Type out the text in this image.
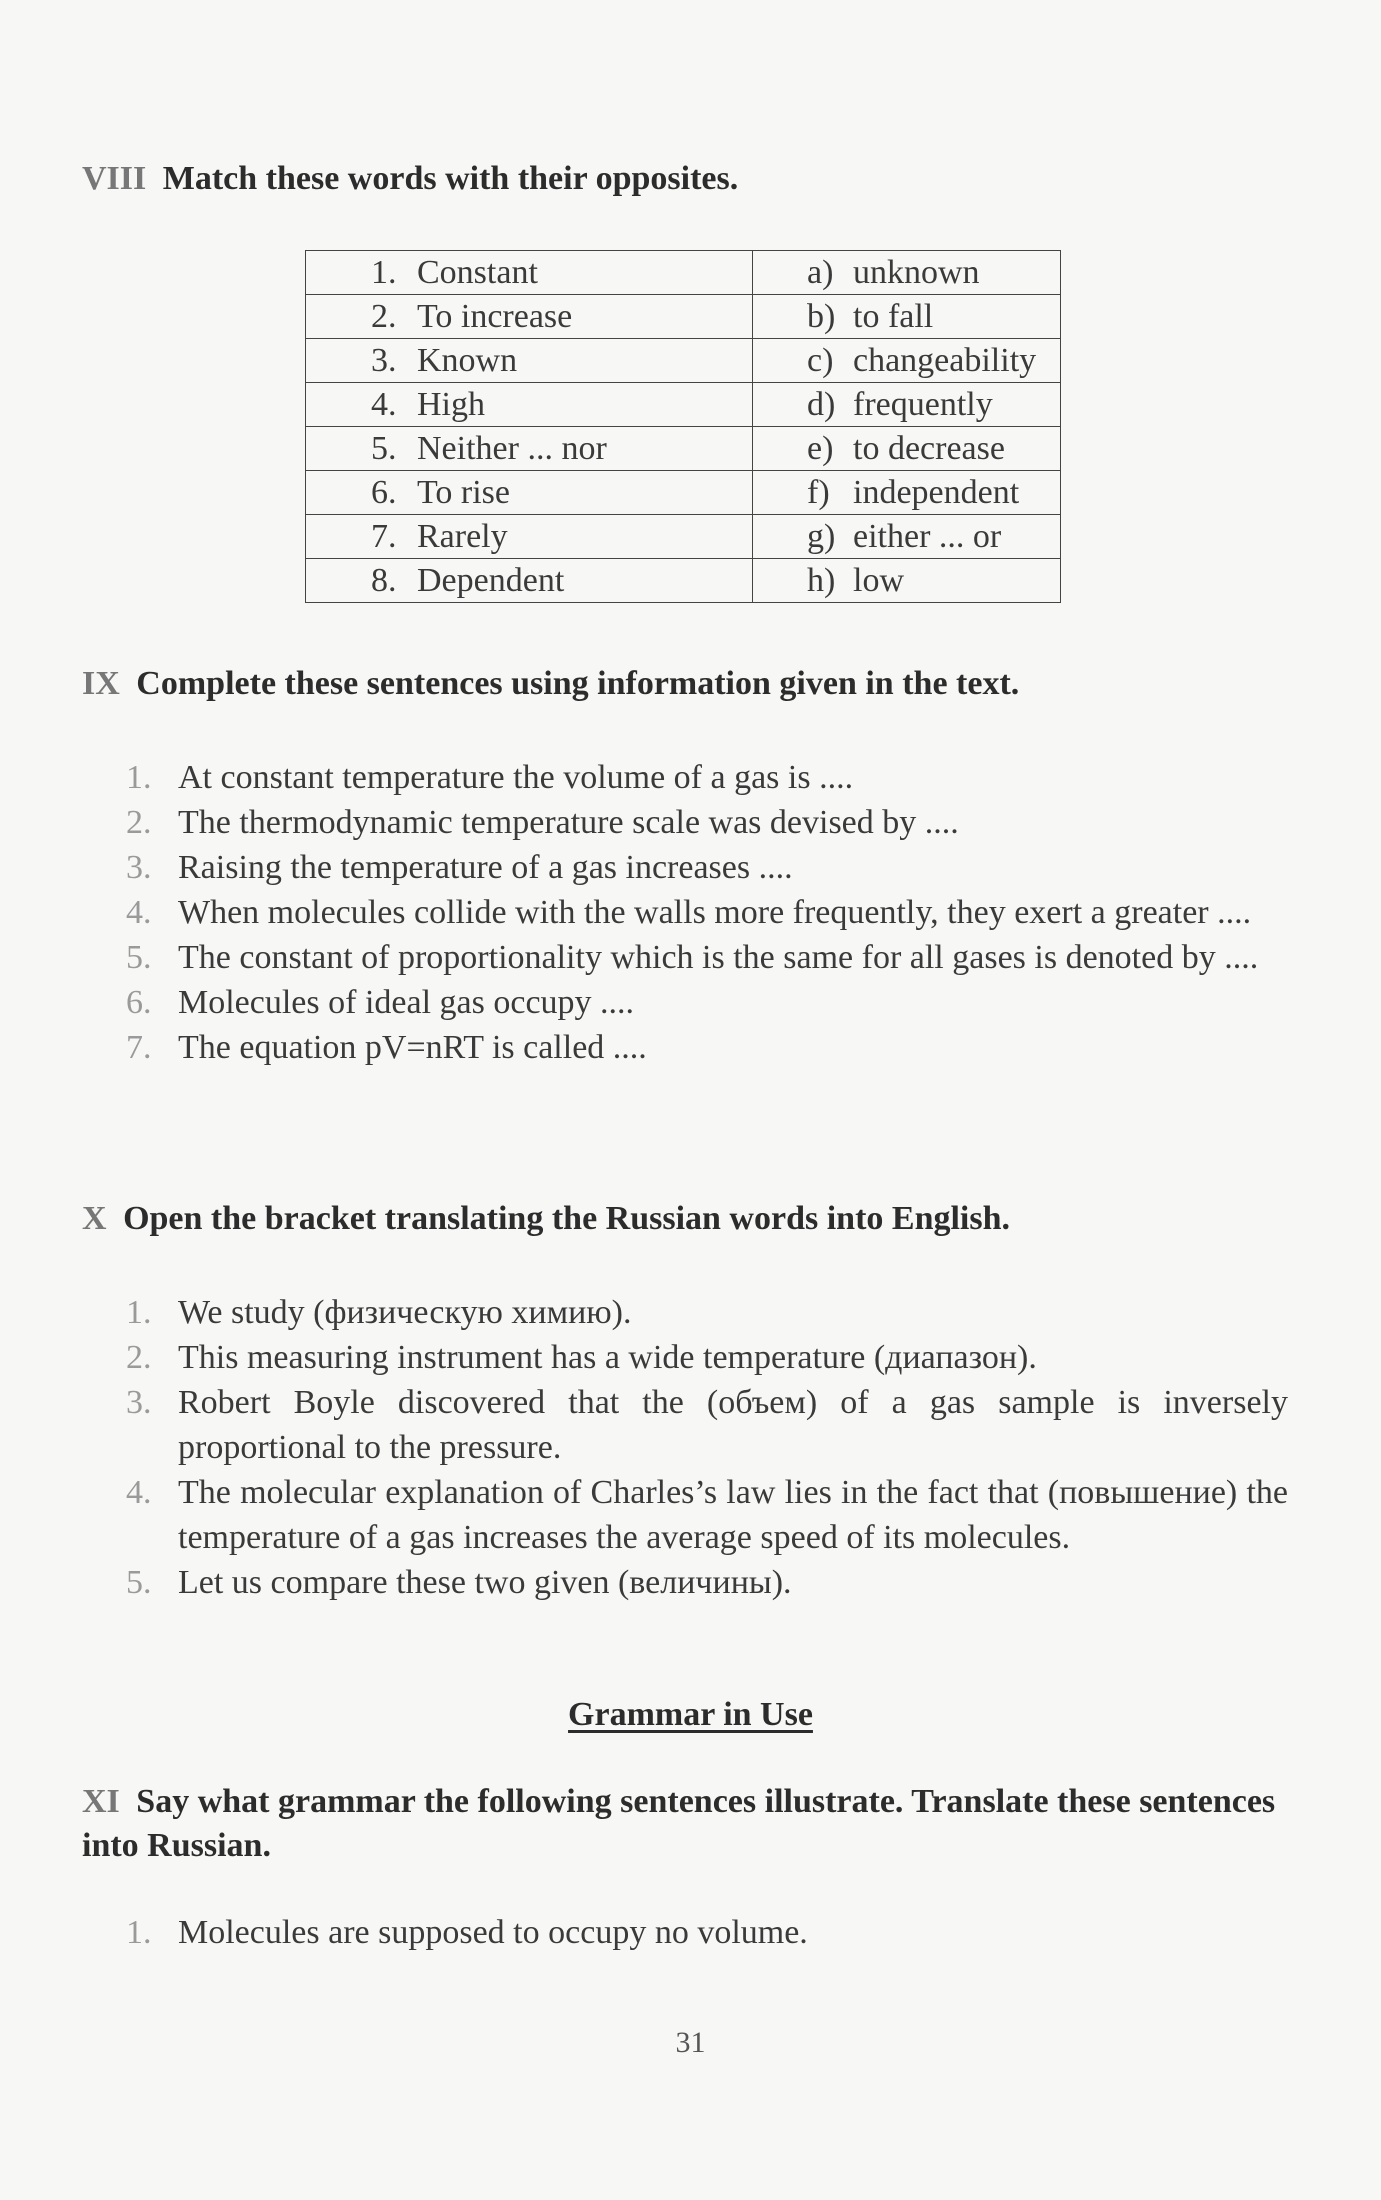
VIII Match these words with their opposites.
1. Constant	a) unknown
2. To increase	b) to fall
3. Known	c) changeability
4. High	d) frequently
5. Neither ... nor	e) to decrease
6. To rise	f) independent
7. Rarely	g) either ... or
8. Dependent	h) low
IX Complete these sentences using information given in the text.
1. At constant temperature the volume of a gas is ....
2. The thermodynamic temperature scale was devised by ....
3. Raising the temperature of a gas increases ....
4. When molecules collide with the walls more frequently, they exert a greater ....
5. The constant of proportionality which is the same for all gases is denoted by ....
6. Molecules of ideal gas occupy ....
7. The equation pV=nRT is called ....
X Open the bracket translating the Russian words into English.
1. We study (физическую химию).
2. This measuring instrument has a wide temperature (диапазон).
3. Robert Boyle discovered that the (объем) of a gas sample is inversely proportional to the pressure.
4. The molecular explanation of Charles’s law lies in the fact that (повышение) the temperature of a gas increases the average speed of its molecules.
5. Let us compare these two given (величины).
Grammar in Use
XI Say what grammar the following sentences illustrate. Translate these sentences into Russian.
1. Molecules are supposed to occupy no volume.
31
